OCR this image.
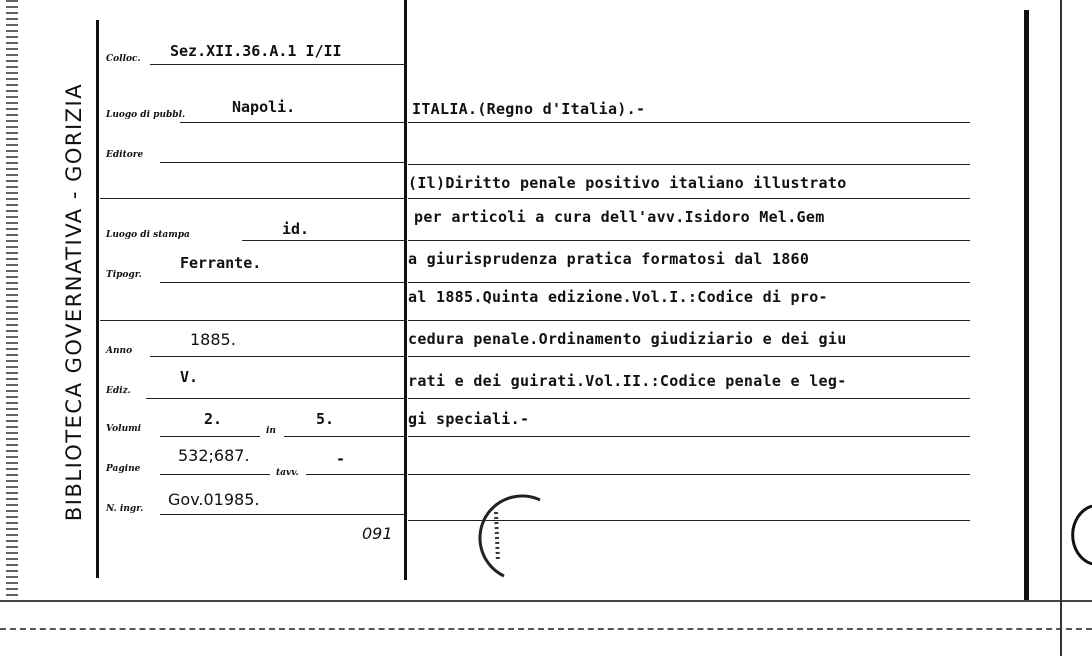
BIBLIOTECA GOVERNATIVA - GORIZIA
Colloc. Sez.XII.36.A.1 I/II
Luogo di pubbl.	Napoli.
Editore
Luogo di stampa	id.
Tipogr.
Ferrante.
Anno
1885.
Ediz.
V.
Volumi
2.
in
5.
Pagine
532;687.
tavv.
-
N. ingr. Gov.01985.
091
ITALIA.(Regno d'Italia).-
(Il)Diritto penale positivo italiano illustrato
per articoli a cura dell'avv.Isidoro Mel.Gem
a giurisprudenza pratica formatosi dal 1860
al 1885.Quinta edizione.Vol.I.:Codice di pro-
cedura penale.Ordinamento giudiziario e dei giu
rati e dei guirati.Vol.II.:Codice penale e leg-
gi speciali.-
